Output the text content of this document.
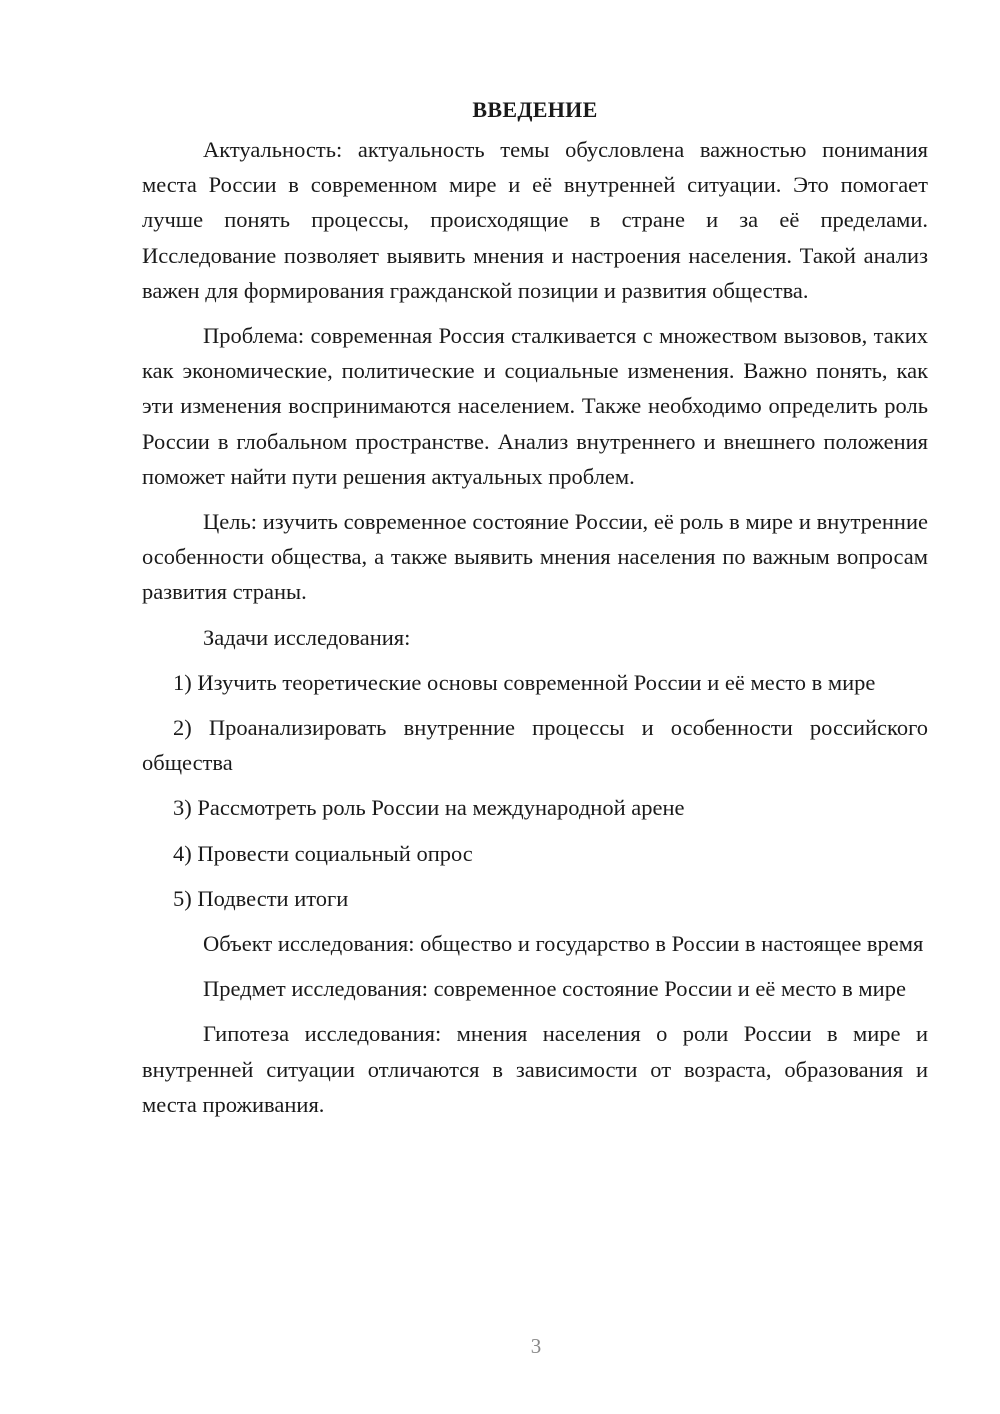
ВВЕДЕНИЕ

Актуальность: актуальность темы обусловлена важностью понимания места России в современном мире и её внутренней ситуации. Это помогает лучше понять процессы, происходящие в стране и за её пределами. Исследование позволяет выявить мнения и настроения населения. Такой анализ важен для формирования гражданской позиции и развития общества.

Проблема: современная Россия сталкивается с множеством вызовов, таких как экономические, политические и социальные изменения. Важно понять, как эти изменения воспринимаются населением. Также необходимо определить роль России в глобальном пространстве. Анализ внутреннего и внешнего положения поможет найти пути решения актуальных проблем.

Цель: изучить современное состояние России, её роль в мире и внутренние особенности общества, а также выявить мнения населения по важным вопросам развития страны.

Задачи исследования:

1) Изучить теоретические основы современной России и её место в мире

2) Проанализировать внутренние процессы и особенности российского общества

3) Рассмотреть роль России на международной арене

4) Провести социальный опрос

5) Подвести итоги

Объект исследования: общество и государство в России в настоящее время

Предмет исследования: современное состояние России и её место в мире

Гипотеза исследования: мнения населения о роли России в мире и внутренней ситуации отличаются в зависимости от возраста, образования и места проживания.

3
